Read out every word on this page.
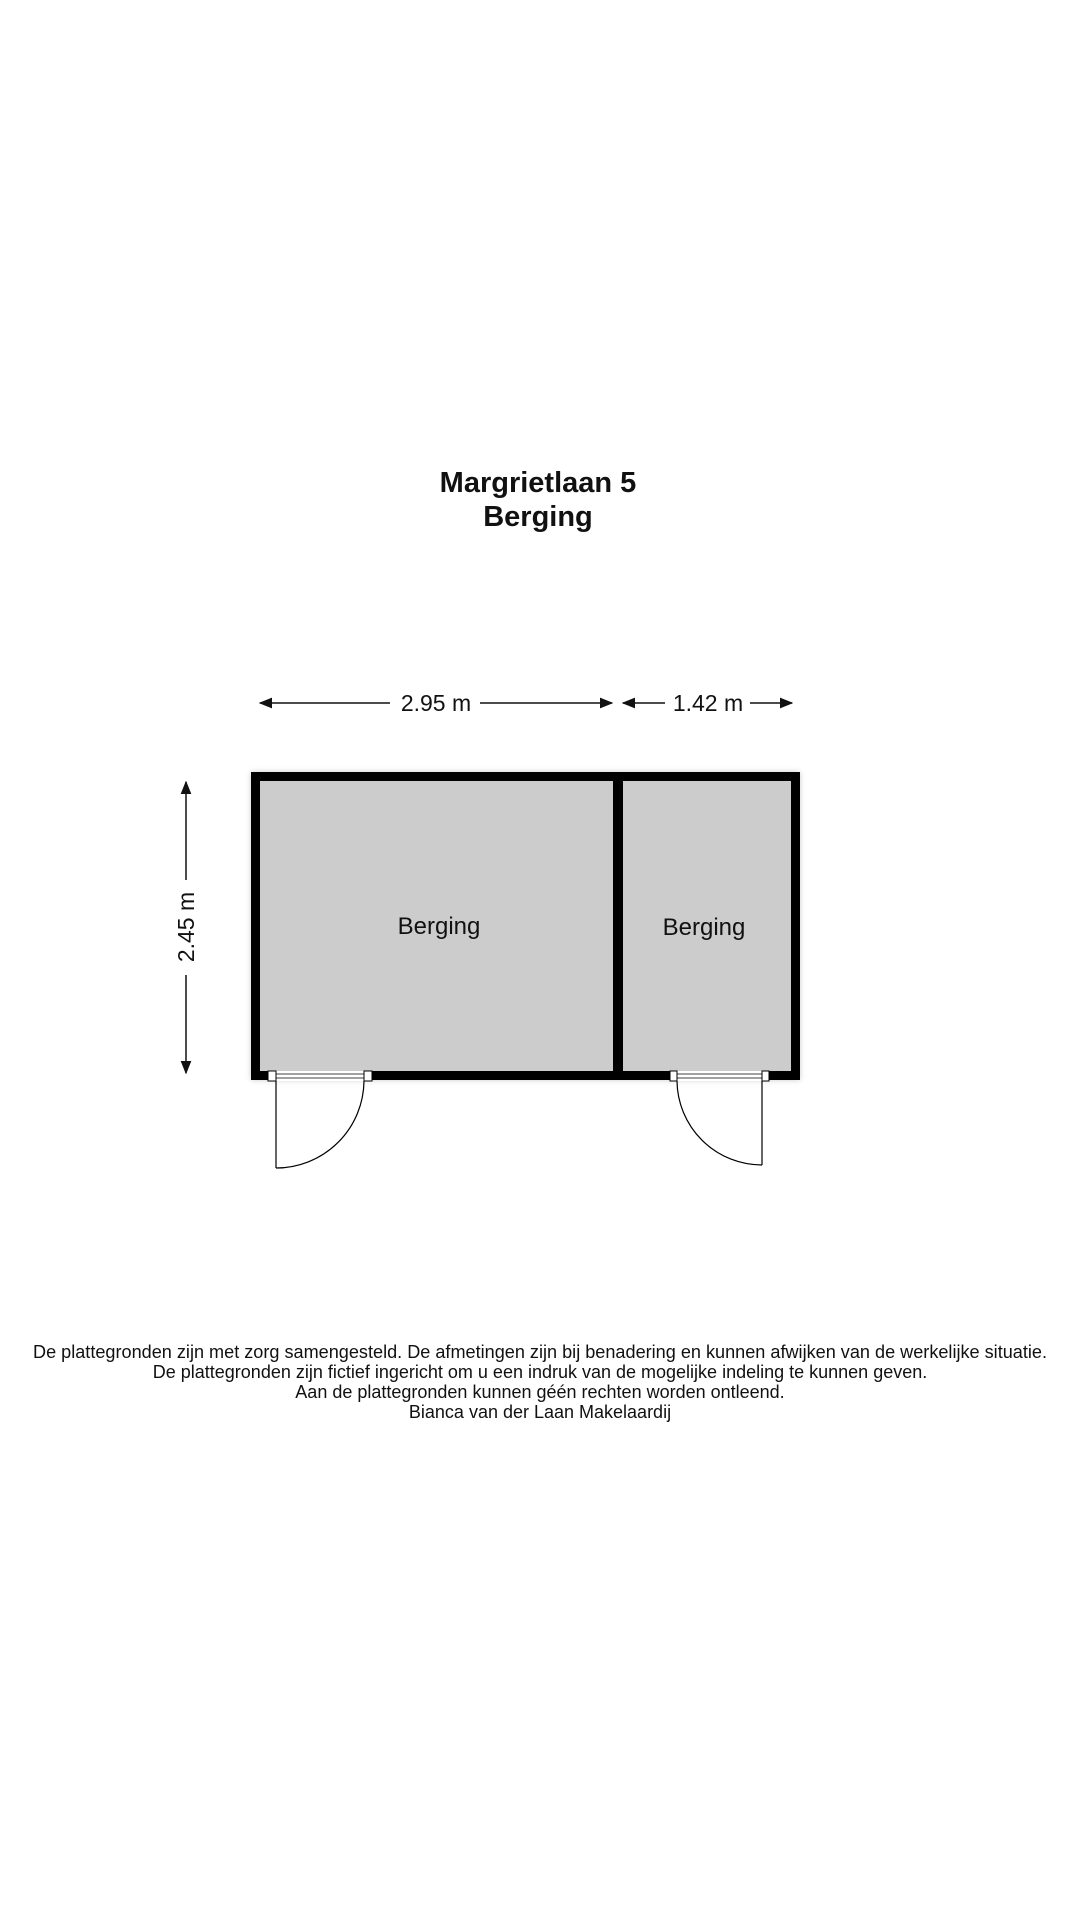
Margrietlaan 5
Berging
2.95 m	1.42 m
2.45 m	Berging	Berging
De plattegronden zijn met zorg samengesteld. De afmetingen zijn bij benadering en kunnen afwijken van de werkelijke situatie.
De plattegronden zijn fictief ingericht om u een indruk van de mogelijke indeling te kunnen geven.
Aan de plattegronden kunnen géén rechten worden ontleend.
Bianca van der Laan Makelaardij
